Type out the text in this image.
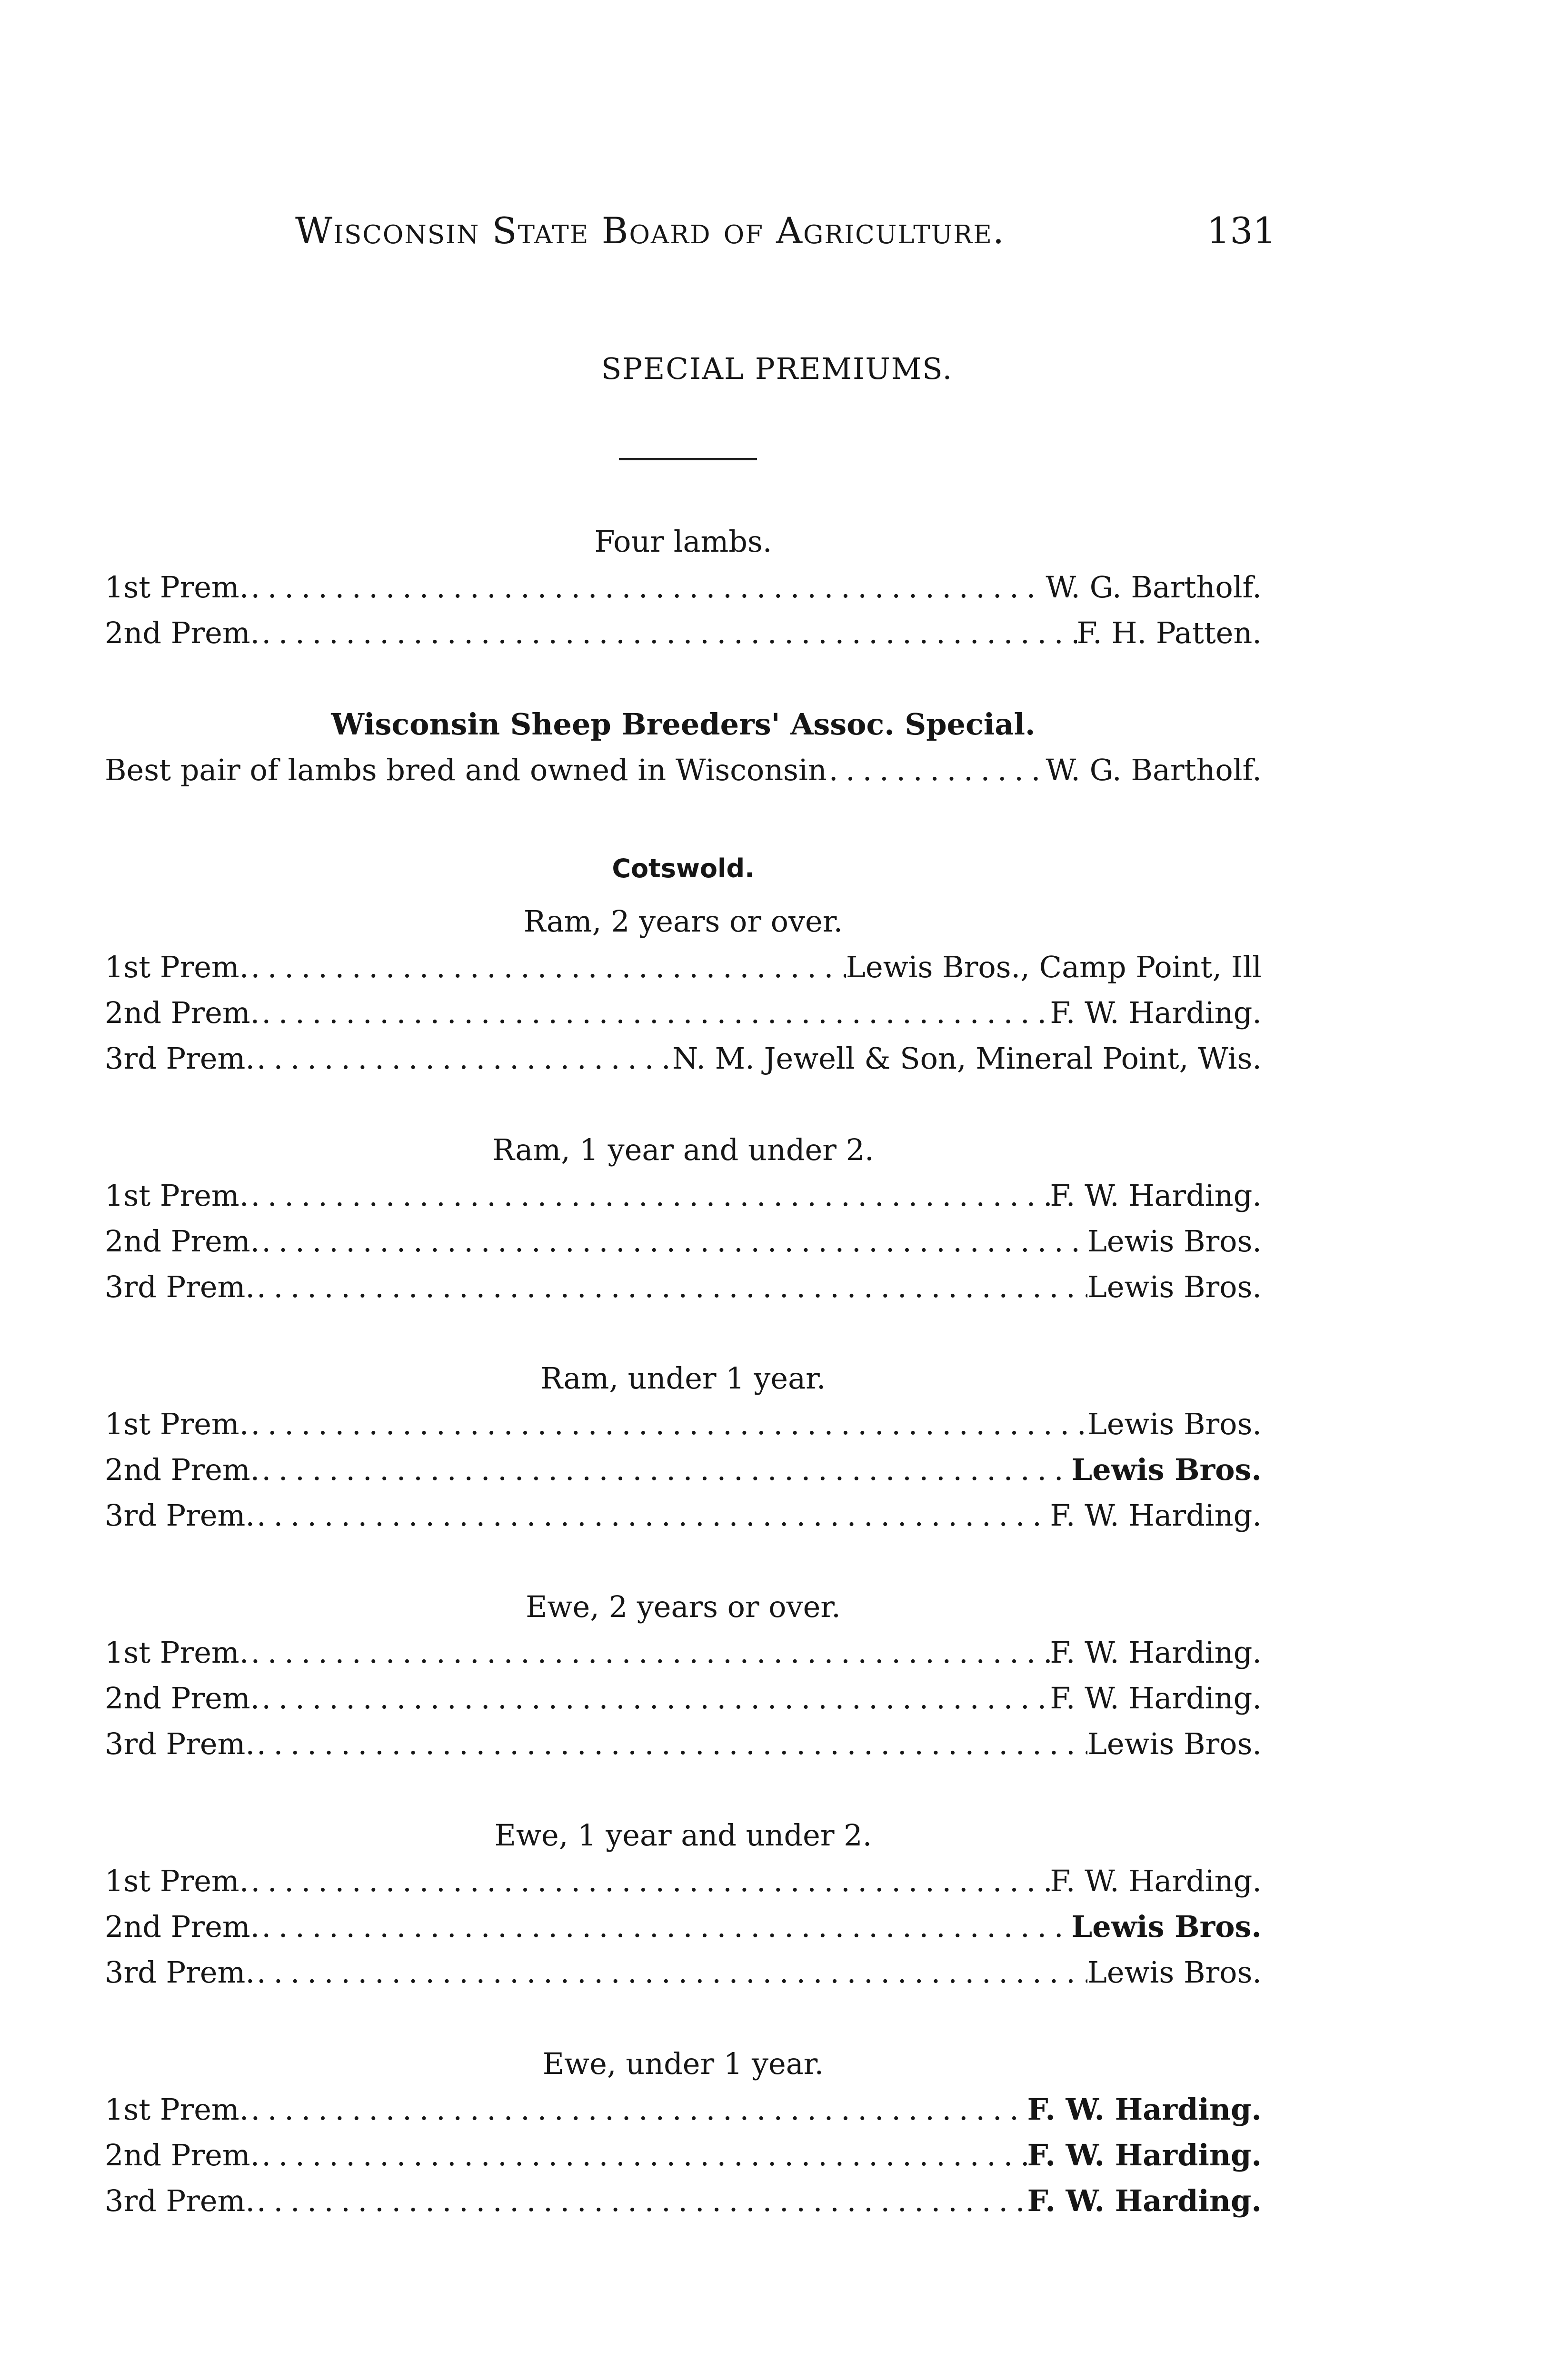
Wisconsin State Board of Agriculture.	131
SPECIAL PREMIUMS.
Four lambs.
1st Prem. . . .	W. G. Bartholf.
2nd Prem. . . .	F. H. Patten.
Wisconsin Sheep Breeders' Assoc. Special.
Best pair of lambs bred and owned in Wisconsin . . .	W. G. Bartholf.
Cotswold.
Ram, 2 years or over.
1st Prem. . . .	Lewis Bros., Camp Point, Ill
2nd Prem. . . .	F. W. Harding.
3rd Prem. . . .	N. M. Jewell & Son, Mineral Point, Wis.
Ram, 1 year and under 2.
1st Prem. . . .	F. W. Harding.
2nd Prem. . . .	Lewis Bros.
3rd Prem. . . .	Lewis Bros.
Ram, under 1 year.
1st Prem. . . .	Lewis Bros.
2nd Prem. . . .	Lewis Bros.
3rd Prem. . . .	F. W. Harding.
Ewe, 2 years or over.
1st Prem. . . .	F. W. Harding.
2nd Prem. . . .	F. W. Harding.
3rd Prem. . . .	Lewis Bros.
Ewe, 1 year and under 2.
1st Prem. . . .	F. W. Harding.
2nd Prem. . . .	Lewis Bros.
3rd Prem. . . .	Lewis Bros.
Ewe, under 1 year.
1st Prem. . . .	F. W. Harding.
2nd Prem. . . .	F. W. Harding.
3rd Prem. . . .	F. W. Harding.
